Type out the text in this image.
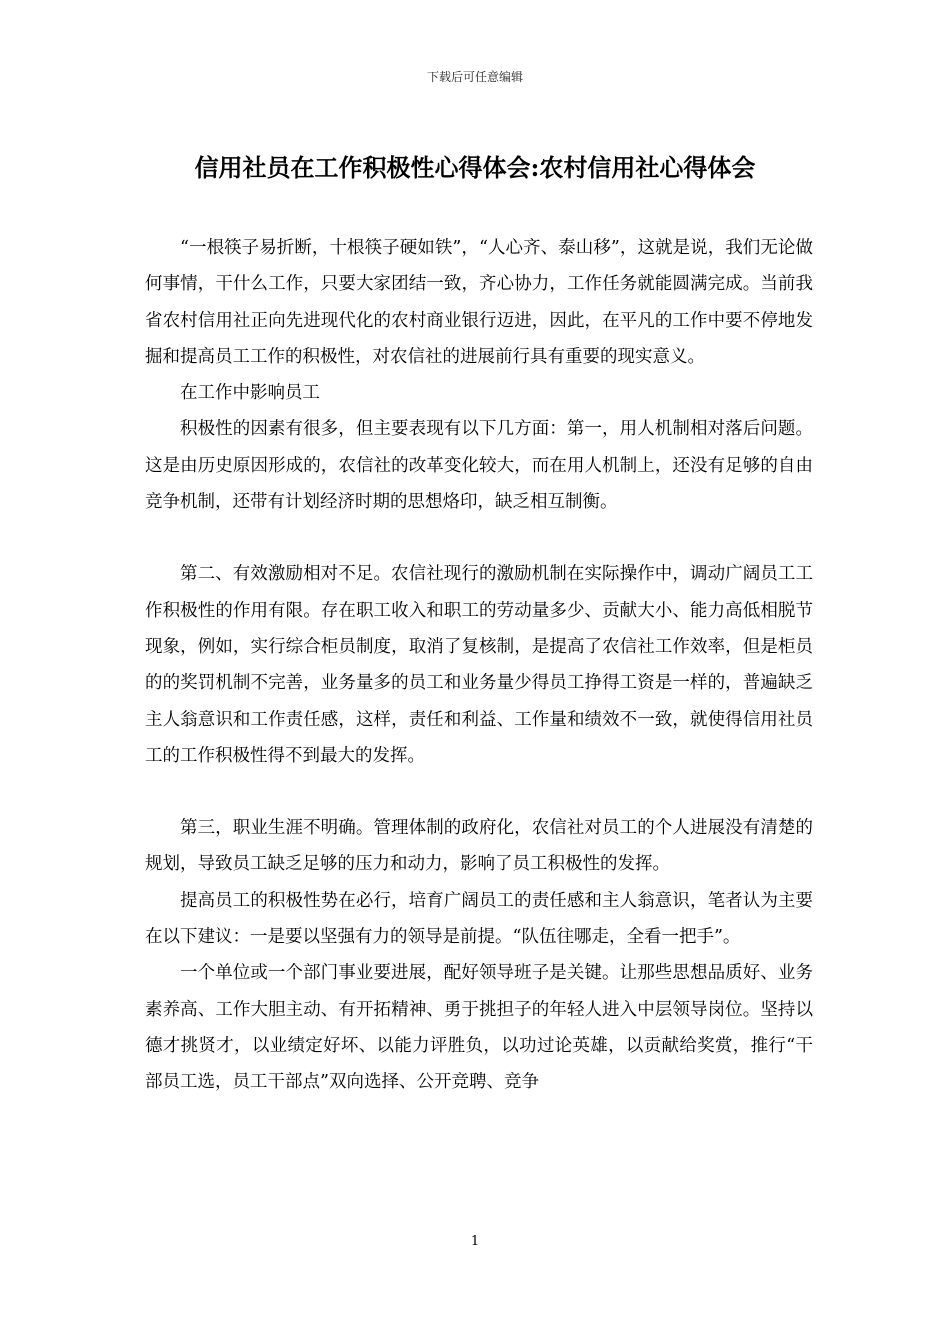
下载后可任意编辑
信用社员在工作积极性心得体会:农村信用社心得体会

“一根筷子易折断，十根筷子硬如铁”，“人心齐、泰山移”，这就是说，我们无论做何事情，干什么工作，只要大家团结一致，齐心协力，工作任务就能圆满完成。当前我省农村信用社正向先进现代化的农村商业银行迈进，因此，在平凡的工作中要不停地发掘和提高员工工作的积极性，对农信社的进展前行具有重要的现实意义。

在工作中影响员工

积极性的因素有很多，但主要表现有以下几方面：第一，用人机制相对落后问题。这是由历史原因形成的，农信社的改革变化较大，而在用人机制上，还没有足够的自由竞争机制，还带有计划经济时期的思想烙印，缺乏相互制衡。

第二、有效激励相对不足。农信社现行的激励机制在实际操作中，调动广阔员工工作积极性的作用有限。存在职工收入和职工的劳动量多少、贡献大小、能力高低相脱节现象，例如，实行综合柜员制度，取消了复核制，是提高了农信社工作效率，但是柜员的的奖罚机制不完善，业务量多的员工和业务量少得员工挣得工资是一样的，普遍缺乏主人翁意识和工作责任感，这样，责任和利益、工作量和绩效不一致，就使得信用社员工的工作积极性得不到最大的发挥。

第三，职业生涯不明确。管理体制的政府化，农信社对员工的个人进展没有清楚的规划，导致员工缺乏足够的压力和动力，影响了员工积极性的发挥。

提高员工的积极性势在必行，培育广阔员工的责任感和主人翁意识，笔者认为主要在以下建议：一是要以坚强有力的领导是前提。“队伍往哪走，全看一把手”。

一个单位或一个部门事业要进展，配好领导班子是关键。让那些思想品质好、业务素养高、工作大胆主动、有开拓精神、勇于挑担子的年轻人进入中层领导岗位。坚持以德才挑贤才，以业绩定好坏、以能力评胜负，以功过论英雄，以贡献给奖赏，推行“干部员工选，员工干部点”双向选择、公开竞聘、竞争

1
